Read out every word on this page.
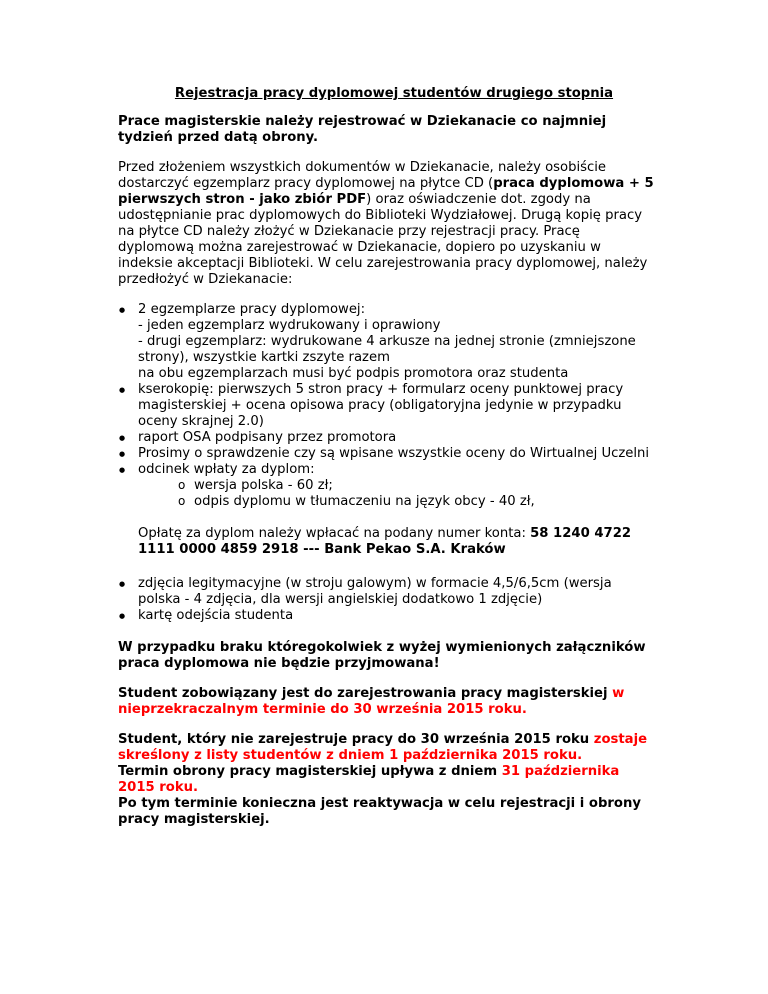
Rejestracja pracy dyplomowej studentów drugiego stopnia

Prace magisterskie należy rejestrować w Dziekanacie co najmniej tydzień przed datą obrony.

Przed złożeniem wszystkich dokumentów w Dziekanacie, należy osobiście dostarczyć egzemplarz pracy dyplomowej na płytce CD (praca dyplomowa + 5 pierwszych stron - jako zbiór PDF) oraz oświadczenie dot. zgody na udostępnianie prac dyplomowych do Biblioteki Wydziałowej. Drugą kopię pracy na płytce CD należy złożyć w Dziekanacie przy rejestracji pracy. Pracę dyplomową można zarejestrować w Dziekanacie, dopiero po uzyskaniu w indeksie akceptacji Biblioteki. W celu zarejestrowania pracy dyplomowej, należy przedłożyć w Dziekanacie:

● 2 egzemplarze pracy dyplomowej:
- jeden egzemplarz wydrukowany i oprawiony
- drugi egzemplarz: wydrukowane 4 arkusze na jednej stronie (zmniejszone strony), wszystkie kartki zszyte razem
na obu egzemplarzach musi być podpis promotora oraz studenta
● kserokopię: pierwszych 5 stron pracy + formularz oceny punktowej pracy magisterskiej + ocena opisowa pracy (obligatoryjna jedynie w przypadku oceny skrajnej 2.0)
● raport OSA podpisany przez promotora
● Prosimy o sprawdzenie czy są wpisane wszystkie oceny do Wirtualnej Uczelni
● odcinek wpłaty za dyplom:
o wersja polska - 60 zł;
o odpis dyplomu w tłumaczeniu na język obcy - 40 zł,

Opłatę za dyplom należy wpłacać na podany numer konta: 58 1240 4722 1111 0000 4859 2918 --- Bank Pekao S.A. Kraków

● zdjęcia legitymacyjne (w stroju galowym) w formacie 4,5/6,5cm (wersja polska - 4 zdjęcia, dla wersji angielskiej dodatkowo 1 zdjęcie)
● kartę odejścia studenta

W przypadku braku któregokolwiek z wyżej wymienionych załączników praca dyplomowa nie będzie przyjmowana!

Student zobowiązany jest do zarejestrowania pracy magisterskiej w nieprzekraczalnym terminie do 30 września 2015 roku.

Student, który nie zarejestruje pracy do 30 września 2015 roku zostaje skreślony z listy studentów z dniem 1 października 2015 roku.
Termin obrony pracy magisterskiej upływa z dniem 31 października 2015 roku.
Po tym terminie konieczna jest reaktywacja w celu rejestracji i obrony pracy magisterskiej.
